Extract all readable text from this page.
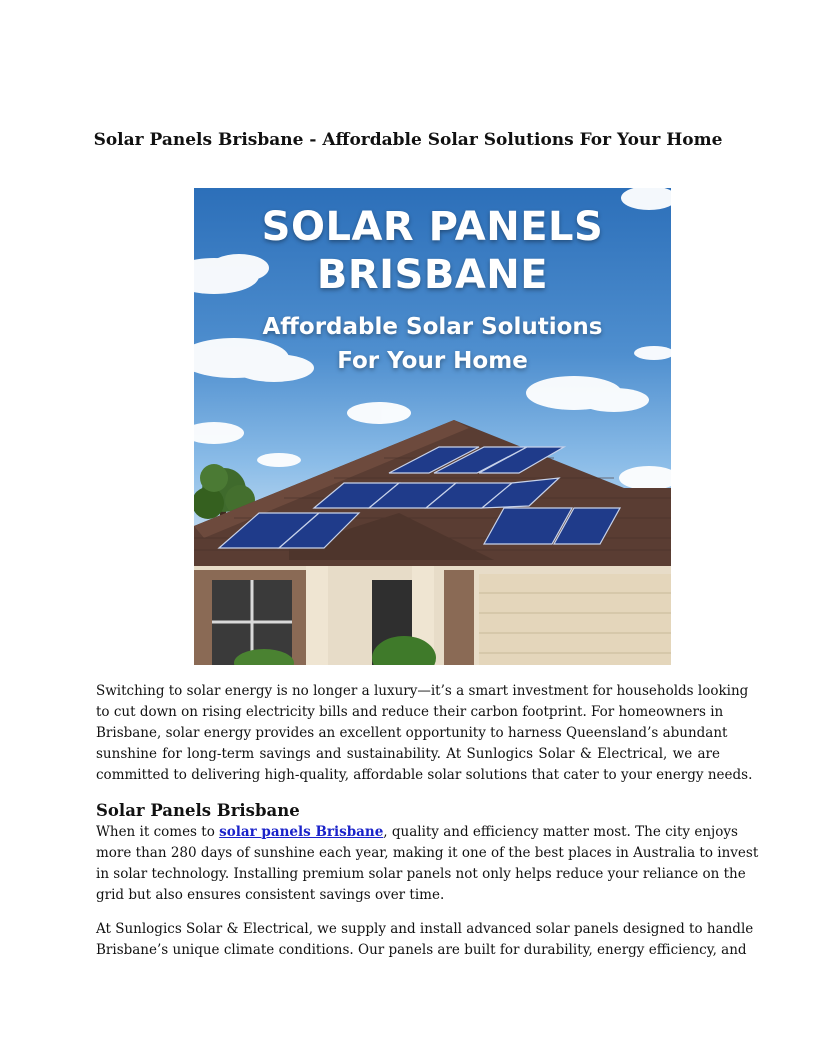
Solar Panels Brisbane - Affordable Solar Solutions For Your Home
SOLAR PANELS
BRISBANE
Affordable Solar Solutions
For Your Home

Switching to solar energy is no longer a luxury—it’s a smart investment for households looking
to cut down on rising electricity bills and reduce their carbon footprint. For homeowners in
Brisbane, solar energy provides an excellent opportunity to harness Queensland’s abundant
sunshine for long-term savings and sustainability. At Sunlogics Solar & Electrical, we are
committed to delivering high-quality, affordable solar solutions that cater to your energy needs.

Solar Panels Brisbane

When it comes to solar panels Brisbane, quality and efficiency matter most. The city enjoys
more than 280 days of sunshine each year, making it one of the best places in Australia to invest
in solar technology. Installing premium solar panels not only helps reduce your reliance on the
grid but also ensures consistent savings over time.

At Sunlogics Solar & Electrical, we supply and install advanced solar panels designed to handle
Brisbane’s unique climate conditions. Our panels are built for durability, energy efficiency, and
